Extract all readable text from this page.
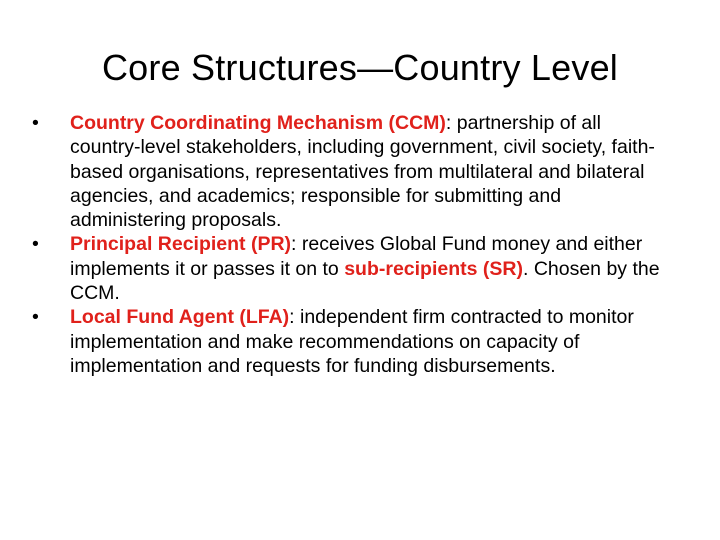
Core Structures—Country Level
•	Country Coordinating Mechanism (CCM): partnership of all country-level stakeholders, including government, civil society, faith-based organisations, representatives from multilateral and bilateral agencies, and academics; responsible for submitting and administering proposals.
•	Principal Recipient (PR): receives Global Fund money and either implements it or passes it on to sub-recipients (SR). Chosen by the CCM.
•	Local Fund Agent (LFA): independent firm contracted to monitor implementation and make recommendations on capacity of implementation and requests for funding disbursements.
